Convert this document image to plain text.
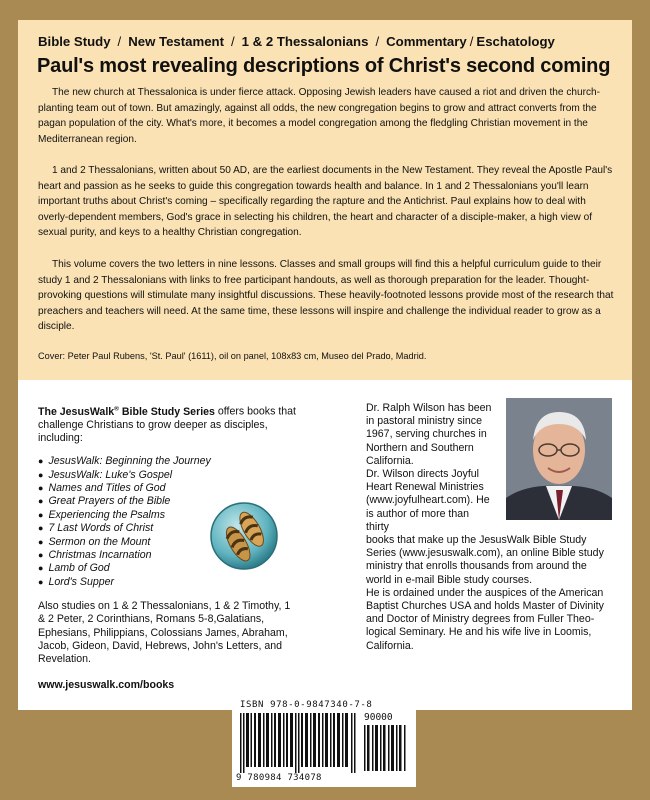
Bible Study / New Testament / 1 & 2 Thessalonians / Commentary / Eschatology
Paul's most revealing descriptions of Christ's second coming

The new church at Thessalonica is under fierce attack. Opposing Jewish leaders have caused a riot and driven the church-planting team out of town. But amazingly, against all odds, the new congregation begins to grow and attract converts from the pagan population of the city. What's more, it becomes a model congregation among the fledgling Christian movement in the Mediterranean region.

1 and 2 Thessalonians, written about 50 AD, are the earliest documents in the New Testament. They reveal the Apostle Paul's heart and passion as he seeks to guide this congregation towards health and balance. In 1 and 2 Thessalonians you'll learn important truths about Christ's coming – specifically regarding the rapture and the Antichrist. Paul explains how to deal with overly-dependent members, God's grace in selecting his children, the heart and character of a disciple-maker, a high view of sexual purity, and keys to a healthy Christian congregation.

This volume covers the two letters in nine lessons. Classes and small groups will find this a helpful curriculum guide to their study 1 and 2 Thessalonians with links to free participant handouts, as well as thorough preparation for the leader. Thought-provoking questions will stimulate many insightful discussions. These heavily-footnoted lessons provide most of the research that preachers and teachers will need. At the same time, these lessons will inspire and challenge the individual reader to grow as a disciple.

Cover: Peter Paul Rubens, 'St. Paul' (1611), oil on panel, 108x83 cm, Museo del Prado, Madrid.
The JesusWalk® Bible Study Series offers books that challenge Christians to grow deeper as disciples, including:
● JesusWalk: Beginning the Journey
● JesusWalk: Luke's Gospel
● Names and Titles of God
● Great Prayers of the Bible
● Experiencing the Psalms
● 7 Last Words of Christ
● Sermon on the Mount
● Christmas Incarnation
● Lamb of God
● Lord's Supper
Also studies on 1 & 2 Thessalonians, 1 & 2 Timothy, 1 & 2 Peter, 2 Corinthians, Romans 5-8,Galatians, Ephesians, Philippians, Colossians James, Abraham, Jacob, Gideon, David, Hebrews, John's Letters, and Revelation.
www.jesuswalk.com/books

Dr. Ralph Wilson has been in pastoral ministry since 1967, serving churches in Northern and Southern California.

Dr. Wilson directs Joyful Heart Renewal Ministries (www.joyfulheart.com). He is author of more than thirty

books that make up the JesusWalk Bible Study Series (www.jesuswalk.com), an online Bible study ministry that enrolls thousands from around the world in e-mail Bible study courses.

He is ordained under the auspices of the American Baptist Churches USA and holds Master of Divinity and Doctor of Ministry degrees from Fuller Theo-logical Seminary. He and his wife live in Loomis, California.

ISBN 978-0-9847340-7-8
90000
9 780984 734078
